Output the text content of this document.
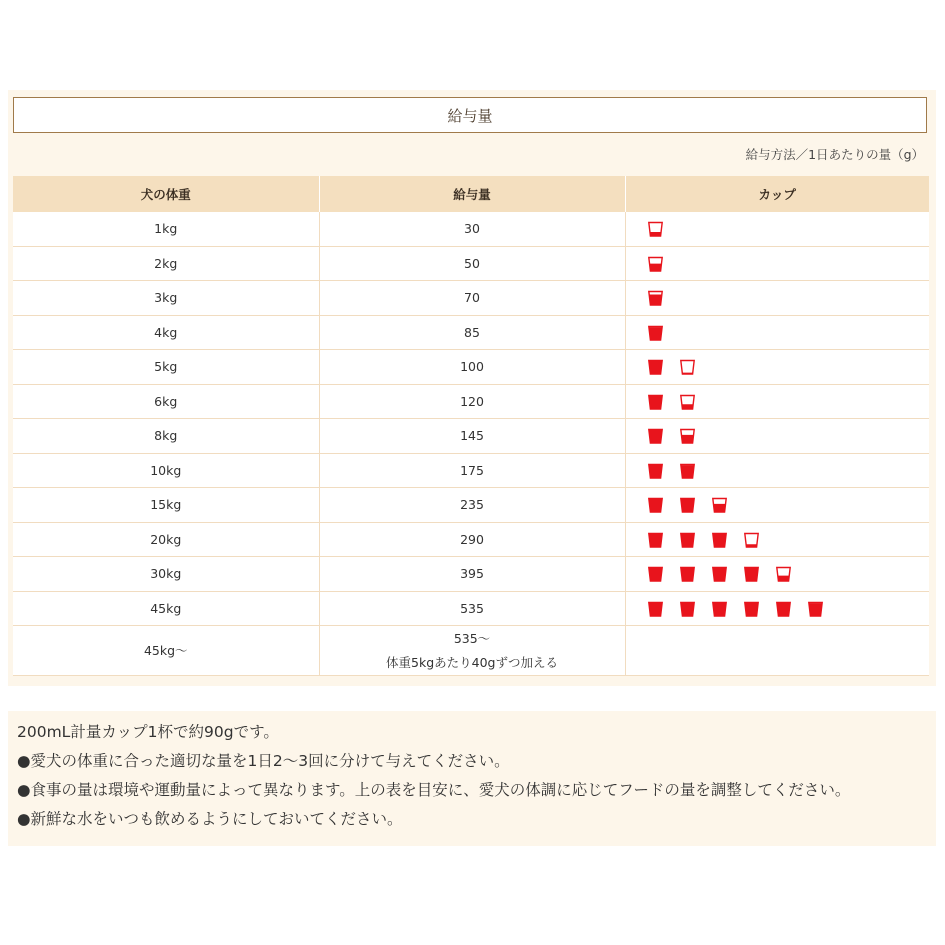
給与量
給与方法／1日あたりの量（g）
犬の体重	給与量	カップ
1kg	30	

2kg	50	

3kg	70	

4kg	85	

5kg	100	

6kg	120	

8kg	145	

10kg	175	

15kg	235	

20kg	290	

30kg	395	

45kg	535	

45kg〜	535〜
体重5kgあたり40gずつ加える	

200mL計量カップ1杯で約90gです。

●愛犬の体重に合った適切な量を1日2〜3回に分けて与えてください。

●食事の量は環境や運動量によって異なります。上の表を目安に、愛犬の体調に応じてフードの量を調整してください。

●新鮮な水をいつも飲めるようにしておいてください。
